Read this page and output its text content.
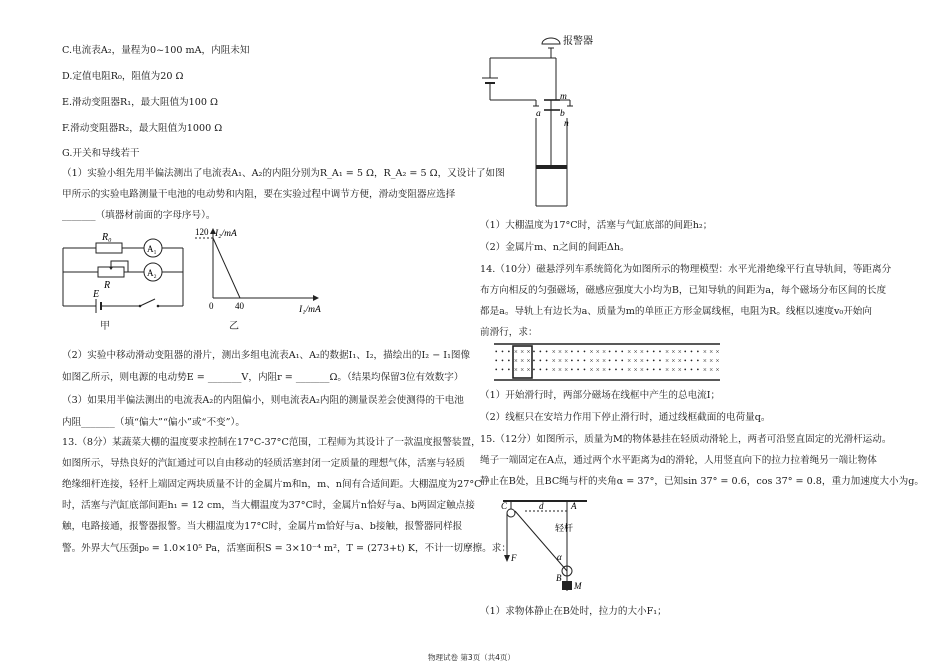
C.电流表A₂，量程为0~100 mA，内阻未知
D.定值电阻R₀，阻值为20 Ω
E.滑动变阻器R₁，最大阻值为100 Ω
F.滑动变阻器R₂，最大阻值为1000 Ω
G.开关和导线若干
（1）实验小组先用半偏法测出了电流表A₁、A₂的内阻分别为R_A₁ = 5 Ω，R_A₂ = 5 Ω，又设计了如图
甲所示的实验电路测量干电池的电动势和内阻，要在实验过程中调节方便，滑动变阻器应选择
_______（填器材前面的字母序号）。
R₀
A₁
R
A₂
E
甲
I₂/mA
120
0 40	I₁/mA
乙
（2）实验中移动滑动变阻器的滑片，测出多组电流表A₁、A₂的数据I₁、I₂，描绘出的I₂ − I₁图像
如图乙所示，则电源的电动势E = _______V，内阻r = _______Ω。（结果均保留3位有效数字）
（3）如果用半偏法测出的电流表A₂的内阻偏小，则电流表A₂内阻的测量误差会使测得的干电池
内阻_______（填“偏大”“偏小”或“不变”）。
13.（8分）某蔬菜大棚的温度要求控制在17°C-37°C范围，工程师为其设计了一款温度报警装置，
如图所示，导热良好的汽缸通过可以自由移动的轻质活塞封闭一定质量的理想气体，活塞与轻质
绝缘细杆连接，轻杆上端固定两块质量不计的金属片m和n，m、n间有合适间距。大棚温度为27°C
时，活塞与汽缸底部间距h₁ = 12 cm，当大棚温度为37°C时，金属片n恰好与a、b两固定触点接
触，电路接通，报警器报警。当大棚温度为17°C时，金属片m恰好与a、b接触，报警器同样报
警。外界大气压强p₀ = 1.0×10⁵ Pa，活塞面积S = 3×10⁻⁴ m²，T = (273+t) K，不计一切摩擦。求：
报警器
m
a b
n
（1）大棚温度为17°C时，活塞与气缸底部的间距h₂；
（2）金属片m、n之间的间距Δh。
14.（10分）磁悬浮列车系统简化为如图所示的物理模型：水平光滑绝缘平行直导轨间，等距离分
布方向相反的匀强磁场，磁感应强度大小均为B，已知导轨的间距为a，每个磁场分布区间的长度
都是a。导轨上有边长为a、质量为m的单匝正方形金属线框，电阻为R。线框以速度v₀开始向
前滑行，求：
•
•
•
•
•
•
•
•
•
×
×
×
×
×
×
×
×
×
•
•
•
•
•
•
•
•
•
×
×
×
×
×
×
×
×
×
•
•
•
•
•
•
•
•
•
×
×
×
×
×
×
×
×
×
•
•
•
•
•
•
•
•
•
×
×
×
×
×
×
×
×
×
•
•
•
•
•
•
•
•
•
×
×
×
×
×
×
×
×
×
•
•
•
•
•
•
•
•
•
×
×
×
×
×
×
×
×
×
（1）开始滑行时，两部分磁场在线框中产生的总电流I；
（2）线框只在安培力作用下停止滑行时，通过线框截面的电荷量q。
15.（12分）如图所示，质量为M的物体悬挂在轻质动滑轮上，两者可沿竖直固定的光滑杆运动。
绳子一端固定在A点，通过两个水平距离为d的滑轮，人用竖直向下的拉力拉着绳另一端让物体
静止在B处，且BC绳与杆的夹角α = 37°，已知sin 37° = 0.6，cos 37° = 0.8，重力加速度大小为g。
C	A
d
轻杆
α
B
M
F
（1）求物体静止在B处时，拉力的大小F₁；
物理试卷 第3页（共4页）
